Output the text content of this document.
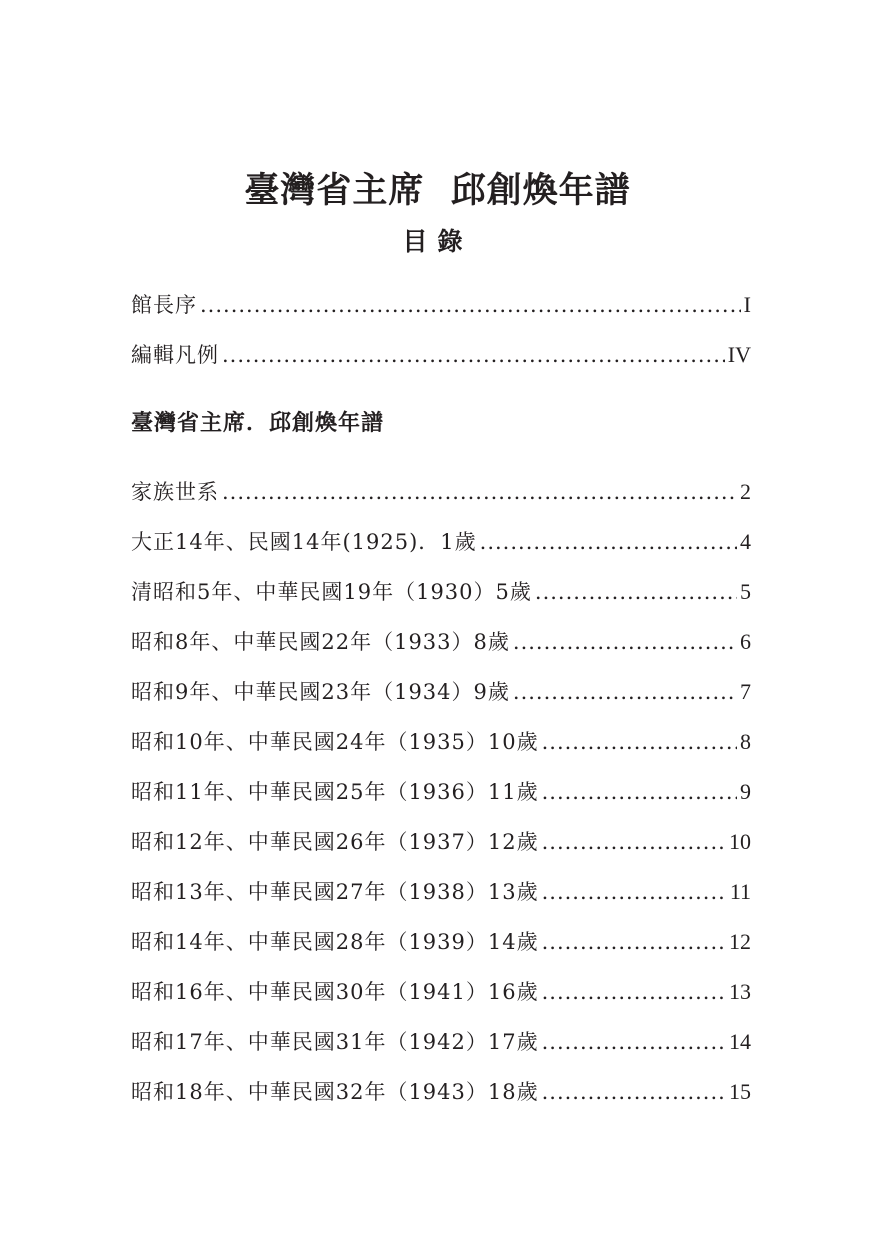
臺灣省主席  邱創煥年譜
目錄
館長序 .....	I
編輯凡例 .....	IV
臺灣省主席．邱創煥年譜
家族世系 .....	2
大正14年、民國14年(1925)．1歲 .....	4
清昭和5年、中華民國19年（1930）5歲 .....	5
昭和8年、中華民國22年（1933）8歲 .....	6
昭和9年、中華民國23年（1934）9歲 .....	7
昭和10年、中華民國24年（1935）10歲 .....	8
昭和11年、中華民國25年（1936）11歲 .....	9
昭和12年、中華民國26年（1937）12歲 .....	10
昭和13年、中華民國27年（1938）13歲 .....	11
昭和14年、中華民國28年（1939）14歲 .....	12
昭和16年、中華民國30年（1941）16歲 .....	13
昭和17年、中華民國31年（1942）17歲 .....	14
昭和18年、中華民國32年（1943）18歲 .....	15
